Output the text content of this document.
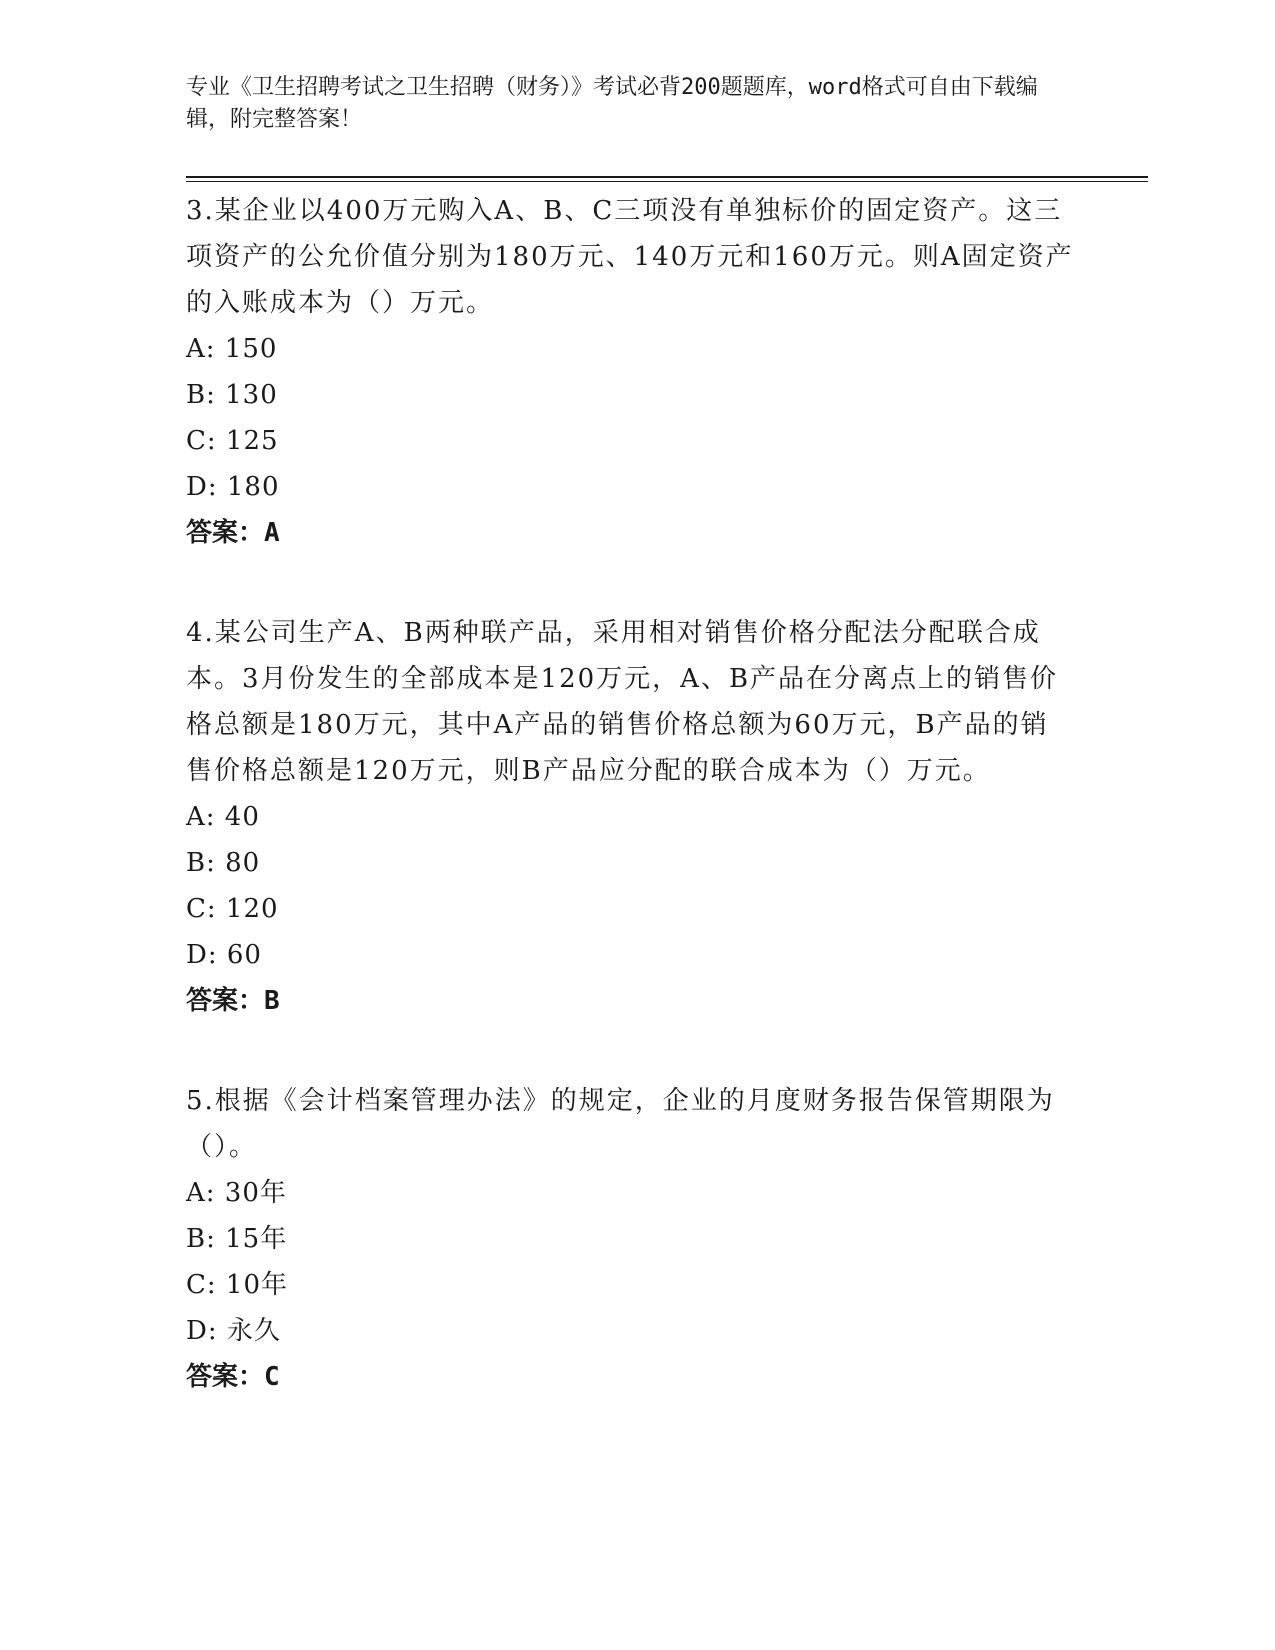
专业《卫生招聘考试之卫生招聘（财务）》考试必背200题题库，word格式可自由下载编辑，附完整答案！
3.某企业以400万元购入A、B、C三项没有单独标价的固定资产。这三项资产的公允价值分别为180万元、140万元和160万元。则A固定资产的入账成本为（）万元。
A: 150
B: 130
C: 125
D: 180
答案：A
4.某公司生产A、B两种联产品，采用相对销售价格分配法分配联合成本。3月份发生的全部成本是120万元，A、B产品在分离点上的销售价格总额是180万元，其中A产品的销售价格总额为60万元，B产品的销售价格总额是120万元，则B产品应分配的联合成本为（）万元。
A: 40
B: 80
C: 120
D: 60
答案：B
5.根据《会计档案管理办法》的规定，企业的月度财务报告保管期限为（）。
A: 30年
B: 15年
C: 10年
D: 永久
答案：C
